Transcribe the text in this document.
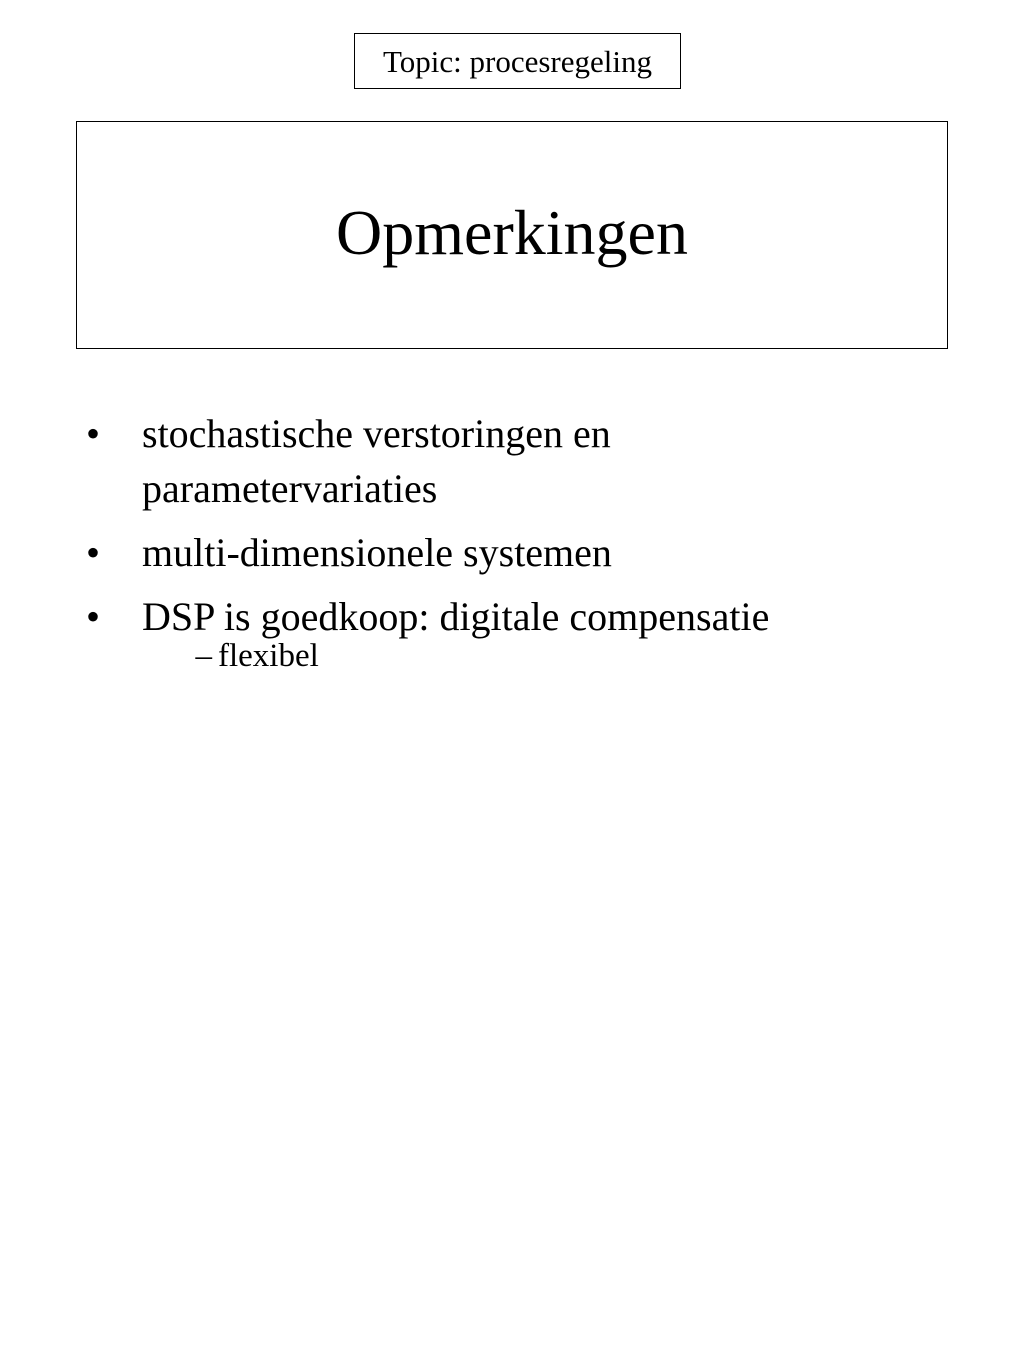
Topic: procesregeling
Opmerkingen
•	stochastische verstoringen en
parametervariaties
•	multi-dimensionele systemen
•	DSP is goedkoop: digitale compensatie
– flexibel
